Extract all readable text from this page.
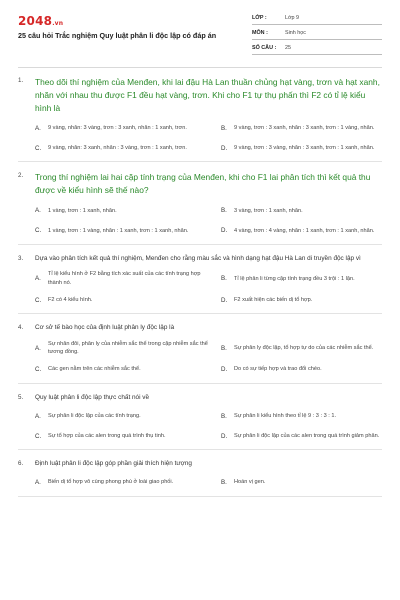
2048.vn
25 câu hỏi Trắc nghiệm Quy luật phân li độc lập có đáp án
LỚP :	Lớp 9
MÔN :	Sinh học
SỐ CÂU : 25
1.	Theo dõi thí nghiệm của Menđen, khi lai đậu Hà Lan thuần chủng hạt vàng, trơn và hạt xanh, nhăn với nhau thu được F1 đều hạt vàng, trơn. Khi cho F1 tự thụ phấn thì F2 có tỉ lệ kiểu hình là
A.	9 vàng, nhăn: 3 vàng, trơn : 3 xanh, nhăn : 1 xanh, trơn.	B.	9 vàng, trơn : 3 xanh, nhăn : 3 xanh, trơn : 1 vàng, nhăn.
C.	9 vàng, nhăn: 3 xanh, nhăn : 3 vàng, trơn : 1 xanh, trơn.	D.	9 vàng, trơn : 3 vàng, nhăn : 3 xanh, trơn : 1 xanh, nhăn.
2.	Trong thí nghiệm lai hai cặp tính trạng của Menđen, khi cho F1 lai phân tích thì kết quả thu được về kiểu hình sẽ thế nào?
A.	1 vàng, trơn : 1 xanh, nhăn.	B.	3 vàng, trơn : 1 xanh, nhăn.
C.	1 vàng, trơn : 1 vàng, nhăn : 1 xanh, trơn : 1 xanh, nhăn.	D.	4 vàng, trơn : 4 vàng, nhăn : 1 xanh, trơn : 1 xanh, nhăn.
3.	Dựa vào phân tích kết quả thí nghiệm, Menđen cho rằng màu sắc và hình dạng hạt đậu Hà Lan di truyền độc lập vì
A.
Tỉ lệ kiểu hình ở F2 bằng tích xác suất của các tính trạng hợp thành nó.
B.	Tỉ lệ phân li từng cặp tính trạng đều 3 trội : 1 lặn.
C.	F2 có 4 kiểu hình.	D.	F2 xuất hiện các biến dị tổ hợp.
4.	Cơ sở tế bào học của định luật phân ly độc lập là
A.
Sự nhân đôi, phân ly của nhiễm sắc thể trong cặp nhiễm sắc thể tương đồng.
B.	Sự phân ly độc lập, tổ hợp tự do của các nhiễm sắc thể.
C.	Các gen nằm trên các nhiễm sắc thể.	D.	Do có sự tiếp hợp và trao đổi chéo.
5.	Quy luật phân li độc lập thực chất nói về
A.	Sự phân li độc lập của các tính trạng.	B.	Sự phân li kiểu hình theo tỉ lệ 9 : 3 : 3 : 1.
C.	Sự tổ hợp của các alen trong quá trình thụ tinh.	D.	Sự phân li độc lập của các alen trong quá trình giảm phân.
6.	Định luật phân li độc lập góp phần giải thích hiện tượng
A.	Biến dị tổ hợp vô cùng phong phú ở loài giao phối.	B.	Hoán vị gen.
